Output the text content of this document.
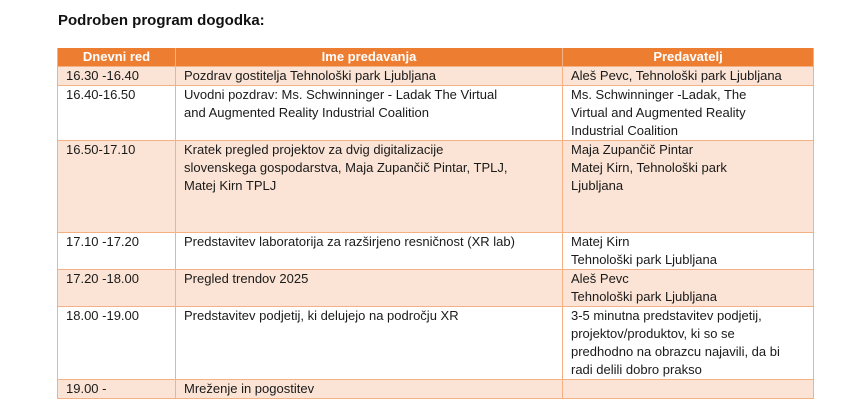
Podroben program dogodka:
Dnevni red	Ime predavanja	Predavatelj
16.30 -16.40	Pozdrav gostitelja Tehnološki park Ljubljana	Aleš Pevc, Tehnološki park Ljubljana

16.40-16.50	Uvodni pozdrav: Ms. Schwinninger - Ladak The Virtual
and Augmented Reality Industrial Coalition	Ms. Schwinninger -Ladak, The
Virtual and Augmented Reality
Industrial Coalition

16.50-17.10	Kratek pregled projektov za dvig digitalizacije
slovenskega gospodarstva, Maja Zupančič Pintar, TPLJ,
Matej Kirn TPLJ	Maja Zupančič Pintar
Matej Kirn, Tehnološki park
Ljubljana

17.10 -17.20	Predstavitev laboratorija za razširjeno resničnost (XR lab)	Matej Kirn
Tehnološki park Ljubljana

17.20 -18.00	Pregled trendov 2025	Aleš Pevc
Tehnološki park Ljubljana

18.00 -19.00	Predstavitev podjetij, ki delujejo na področju XR	3-5 minutna predstavitev podjetij,
projektov/produktov, ki so se
predhodno na obrazcu najavili, da bi
radi delili dobro prakso

19.00 -	Mreženje in pogostitev	
